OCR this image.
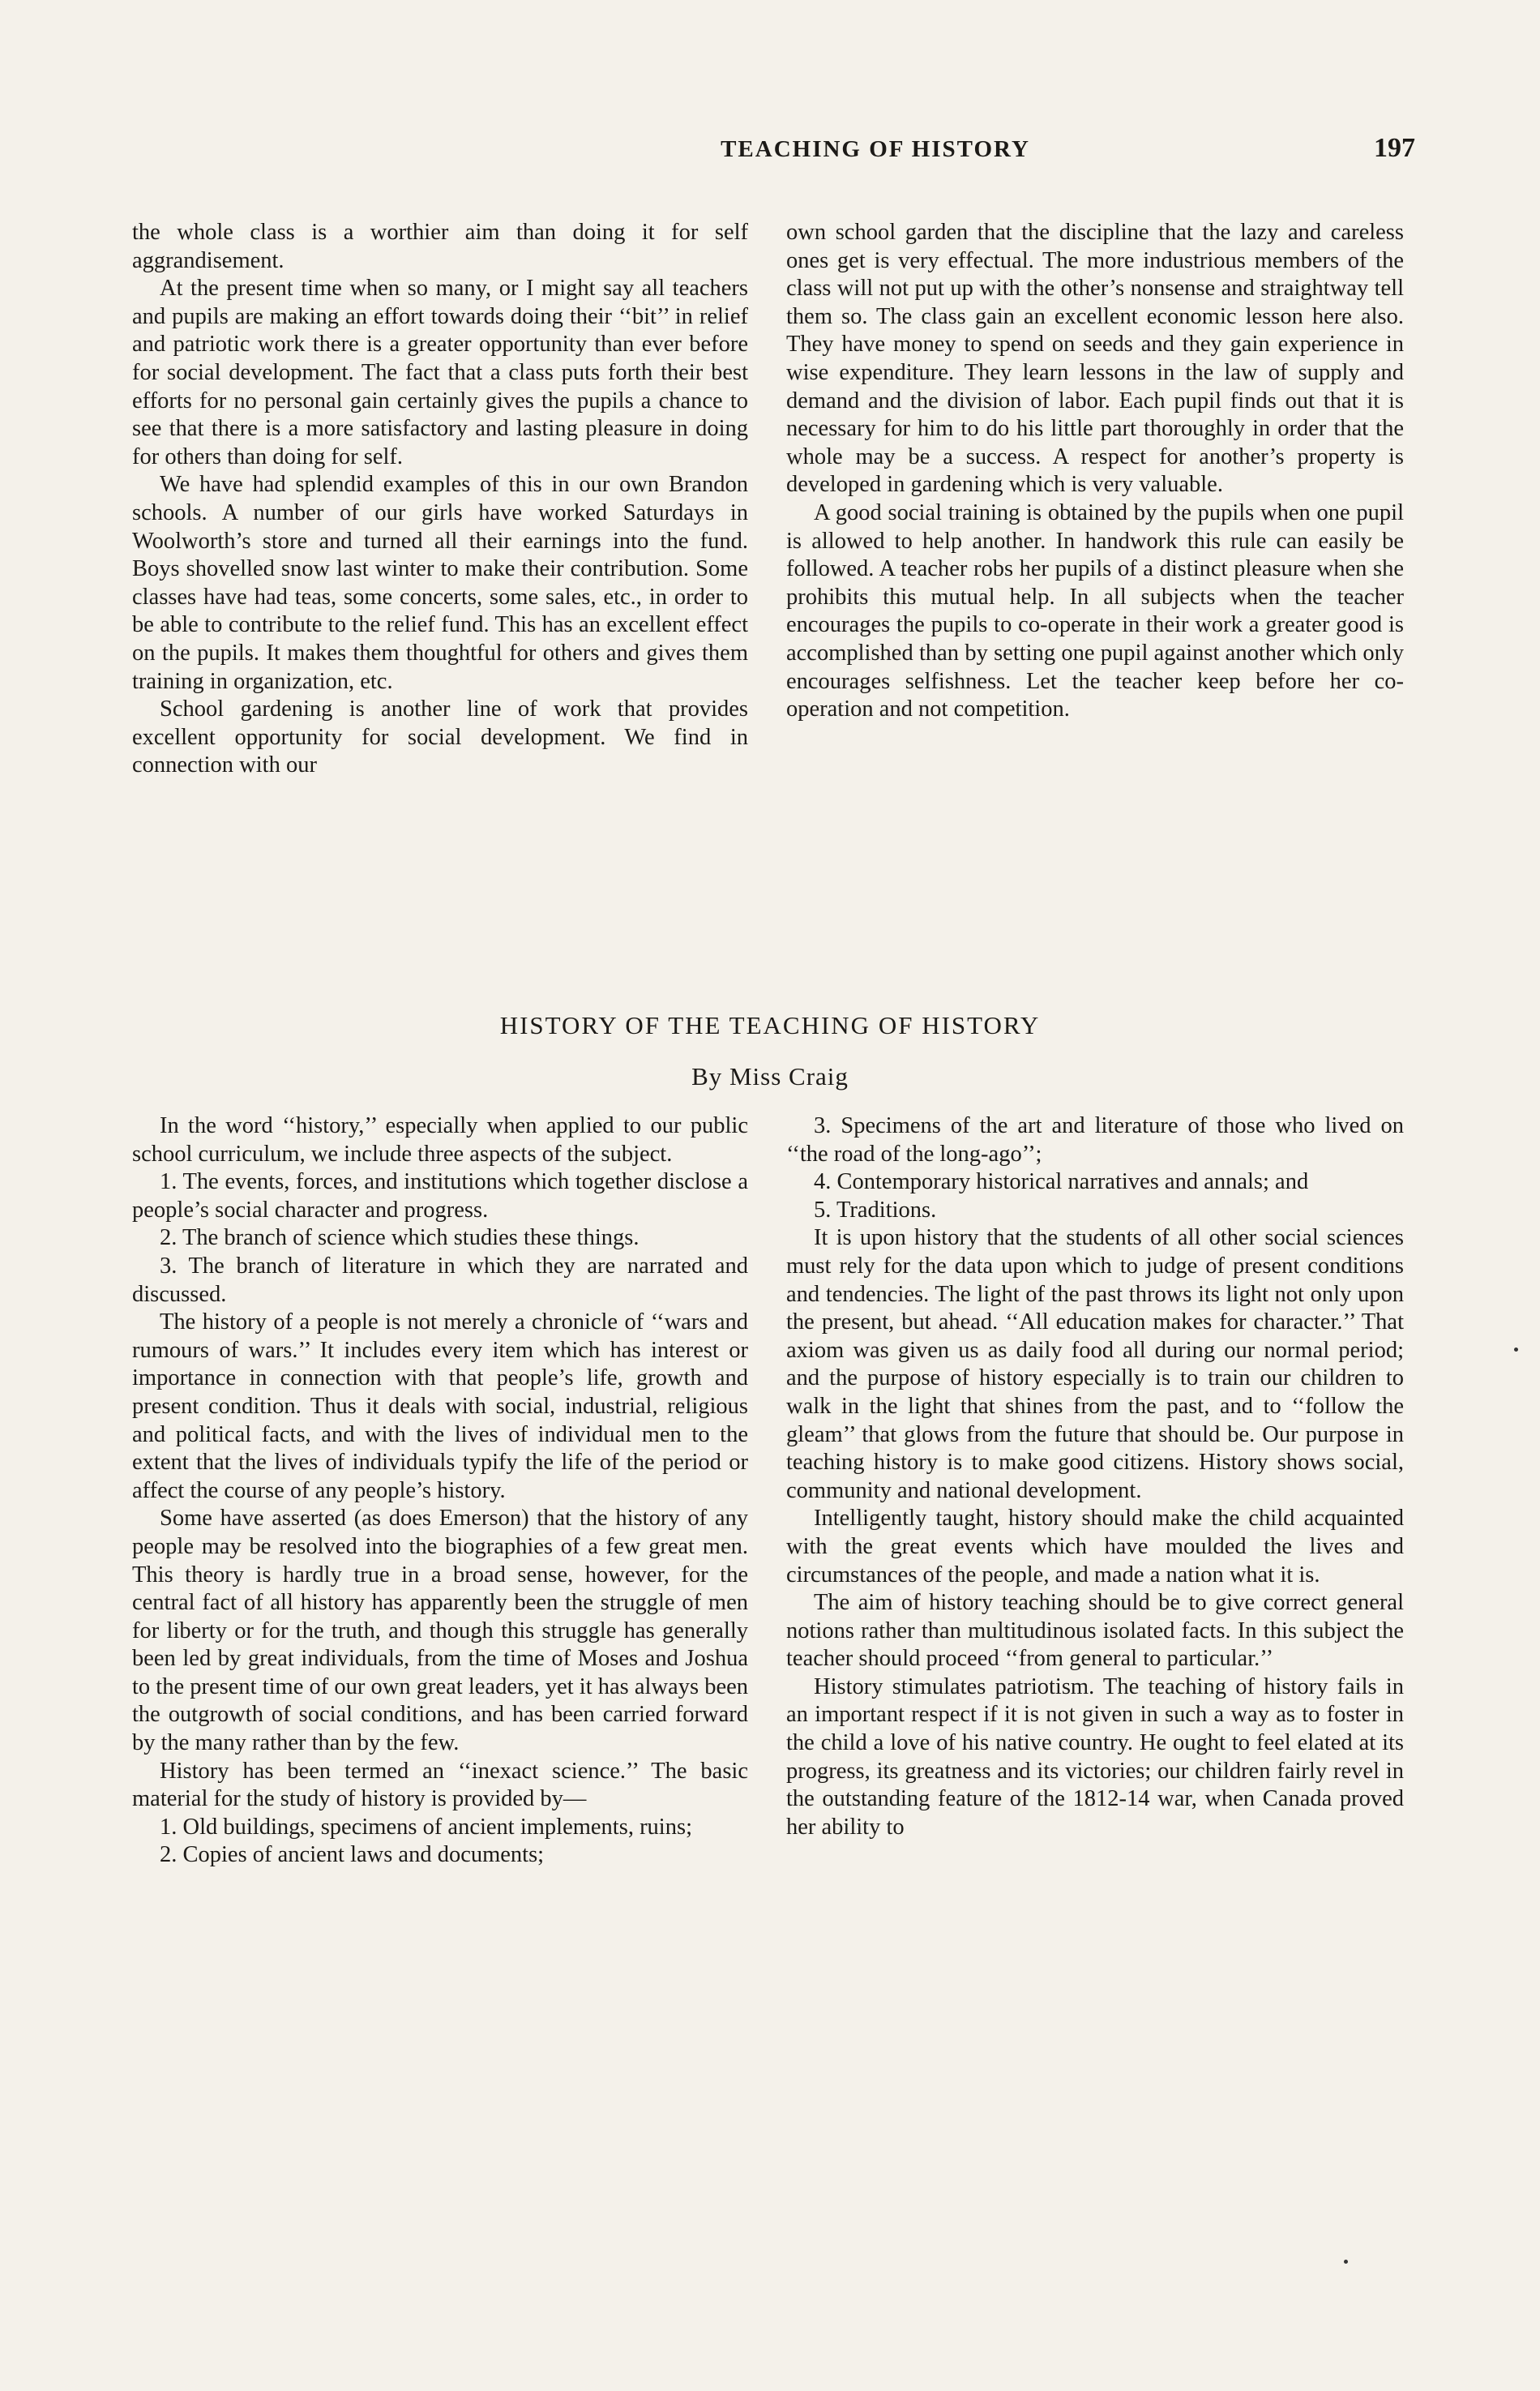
TEACHING OF HISTORY	197

the whole class is a worthier aim than doing it for self aggrandisement.

At the present time when so many, or I might say all teachers and pupils are making an effort towards doing their ‘‘bit’’ in relief and patriotic work there is a greater opportunity than ever before for social development. The fact that a class puts forth their best efforts for no personal gain certainly gives the pupils a chance to see that there is a more satisfactory and lasting pleasure in doing for others than doing for self.

We have had splendid examples of this in our own Brandon schools. A number of our girls have worked Saturdays in Woolworth’s store and turned all their earnings into the fund. Boys shovelled snow last winter to make their contribution. Some classes have had teas, some concerts, some sales, etc., in order to be able to contribute to the relief fund. This has an excellent effect on the pupils. It makes them thoughtful for others and gives them training in organization, etc.

School gardening is another line of work that provides excellent opportunity for social development. We find in connection with our

own school garden that the discipline that the lazy and careless ones get is very effectual. The more industrious members of the class will not put up with the other’s nonsense and straightway tell them so. The class gain an excellent economic lesson here also. They have money to spend on seeds and they gain experience in wise expenditure. They learn lessons in the law of supply and demand and the division of labor. Each pupil finds out that it is necessary for him to do his little part thoroughly in order that the whole may be a success. A respect for another’s property is developed in gardening which is very valuable.

A good social training is obtained by the pupils when one pupil is allowed to help another. In handwork this rule can easily be followed. A teacher robs her pupils of a distinct pleasure when she prohibits this mutual help. In all subjects when the teacher encourages the pupils to co-operate in their work a greater good is accomplished than by setting one pupil against another which only encourages selfishness. Let the teacher keep before her co-operation and not competition.

HISTORY OF THE TEACHING OF HISTORY
By Miss Craig

In the word ‘‘history,’’ especially when applied to our public school curriculum, we include three aspects of the subject.

1. The events, forces, and institutions which together disclose a people’s social character and progress.

2. The branch of science which studies these things.

3. The branch of literature in which they are narrated and discussed.

The history of a people is not merely a chronicle of ‘‘wars and rumours of wars.’’ It includes every item which has interest or importance in connection with that people’s life, growth and present condition. Thus it deals with social, industrial, religious and political facts, and with the lives of individual men to the extent that the lives of individuals typify the life of the period or affect the course of any people’s history.

Some have asserted (as does Emerson) that the history of any people may be resolved into the biographies of a few great men. This theory is hardly true in a broad sense, however, for the central fact of all history has apparently been the struggle of men for liberty or for the truth, and though this struggle has generally been led by great individuals, from the time of Moses and Joshua to the present time of our own great leaders, yet it has always been the outgrowth of social conditions, and has been carried forward by the many rather than by the few.

History has been termed an ‘‘inexact science.’’ The basic material for the study of history is provided by—

1. Old buildings, specimens of ancient implements, ruins;

2. Copies of ancient laws and documents;

3. Specimens of the art and literature of those who lived on ‘‘the road of the long-ago’’;

4. Contemporary historical narratives and annals; and

5. Traditions.

It is upon history that the students of all other social sciences must rely for the data upon which to judge of present conditions and tendencies. The light of the past throws its light not only upon the present, but ahead. ‘‘All education makes for character.’’ That axiom was given us as daily food all during our normal period; and the purpose of history especially is to train our children to walk in the light that shines from the past, and to ‘‘follow the gleam’’ that glows from the future that should be. Our purpose in teaching history is to make good citizens. History shows social, community and national development.

Intelligently taught, history should make the child acquainted with the great events which have moulded the lives and circumstances of the people, and made a nation what it is.

The aim of history teaching should be to give correct general notions rather than multitudinous isolated facts. In this subject the teacher should proceed ‘‘from general to particular.’’

History stimulates patriotism. The teaching of history fails in an important respect if it is not given in such a way as to foster in the child a love of his native country. He ought to feel elated at its progress, its greatness and its victories; our children fairly revel in the outstanding feature of the 1812-14 war, when Canada proved her ability to
